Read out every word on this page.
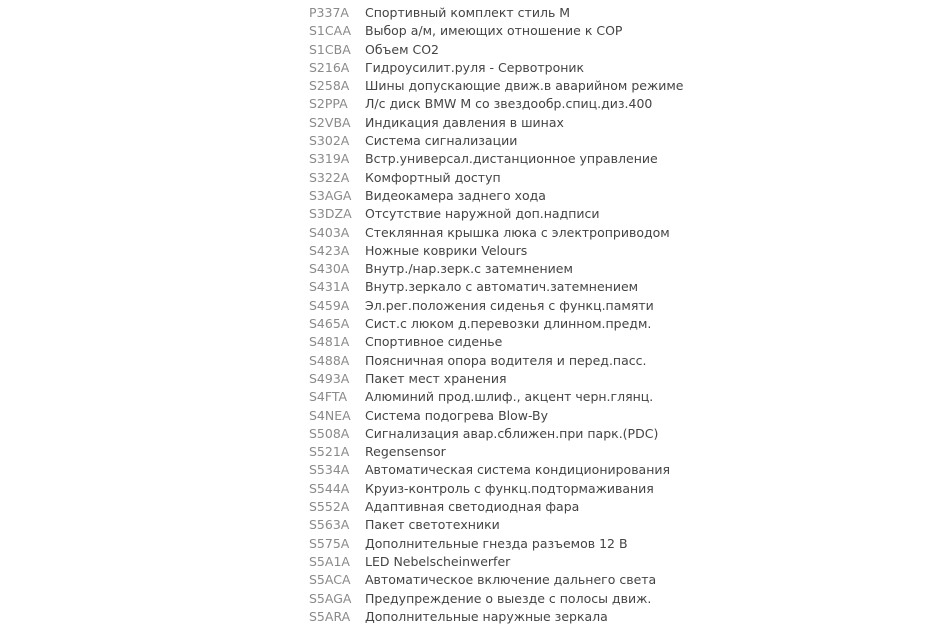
P337A	Спортивный комплект стиль M
S1CAA	Выбор а/м, имеющих отношение к COP
S1CBA	Объем СО2
S216A	Гидроусилит.руля - Сервотроник
S258A	Шины допускающие движ.в аварийном режиме
S2PPA	Л/с диск BMW M со звездообр.спиц.диз.400
S2VBA	Индикация давления в шинах
S302A	Система сигнализации
S319A	Встр.универсал.дистанционное управление
S322A	Комфортный доступ
S3AGA	Видеокамера заднего хода
S3DZA	Отсутствие наружной доп.надписи
S403A	Стеклянная крышка люка с электроприводом
S423A	Ножные коврики Velours
S430A	Внутр./нар.зерк.с затемнением
S431A	Внутр.зеркало с автоматич.затемнением
S459A	Эл.рег.положения сиденья с функц.памяти
S465A	Сист.с люком д.перевозки длинном.предм.
S481A	Спортивное сиденье
S488A	Поясничная опора водителя и перед.пасс.
S493A	Пакет мест хранения
S4FTA	Алюминий прод.шлиф., акцент черн.глянц.
S4NEA	Система подогрева Blow-By
S508A	Сигнализация авар.сближен.при парк.(PDC)
S521A	Regensensor
S534A	Автоматическая система кондиционирования
S544A	Круиз-контроль с функц.подтормаживания
S552A	Адаптивная светодиодная фара
S563A	Пакет светотехники
S575A	Дополнительные гнезда разъемов 12 В
S5A1A	LED Nebelscheinwerfer
S5ACA	Автоматическое включение дальнего света
S5AGA	Предупреждение о выезде с полосы движ.
S5ARA	Дополнительные наружные зеркала
